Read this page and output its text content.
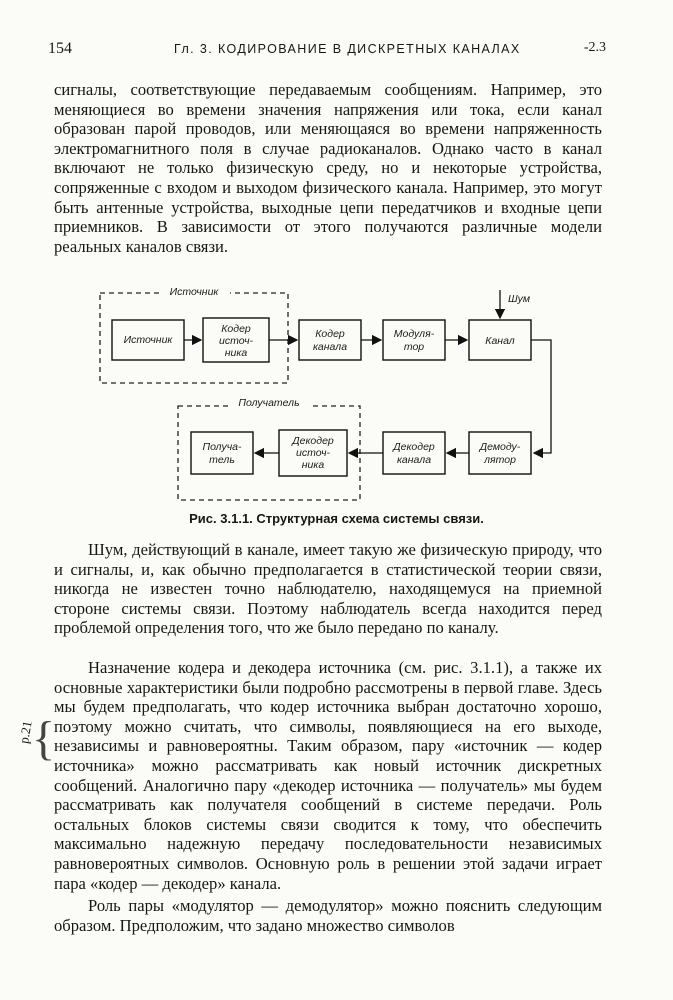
154	Гл. 3. КОДИРОВАНИЕ В ДИСКРЕТНЫХ КАНАЛАХ	-2.3

сигналы, соответствующие передаваемым сообщениям. Например, это меняющиеся во времени значения напряжения или тока, если канал образован парой проводов, или меняющаяся во времени напряженность электромагнитного поля в случае радиоканалов. Однако часто в канал включают не только физическую среду, но и некоторые устройства, сопряженные с входом и выходом физического канала. Например, это могут быть антенные устройства, выходные цепи передатчиков и входные цепи приемников. В зависимости от этого получаются различные модели реальных каналов связи.

Источник
Получатель
Источник
Кодер
источ-
ника
Кодер
канала
Модуля-
тор	Канал
Шум
Демоду-
лятор
Декодер
канала
Декодер
источ-
ника
Получа-
тель
Рис. 3.1.1. Структурная схема системы связи.

Шум, действующий в канале, имеет такую же физическую природу, что и сигналы, и, как обычно предполагается в статистической теории связи, никогда не известен точно наблюдателю, находящемуся на приемной стороне системы связи. Поэтому наблюдатель всегда находится перед проблемой определения того, что же было передано по каналу.

Назначение кодера и декодера источника (см. рис. 3.1.1), а также их основные характеристики были подробно рассмотрены в первой главе. Здесь мы будем предполагать, что кодер источника выбран достаточно хорошо, поэтому можно считать, что символы, появляющиеся на его выходе, независимы и равновероятны. Таким образом, пару «источник — кодер источника» можно рассматривать как новый источник дискретных сообщений. Аналогично пару «декодер источника — получатель» мы будем рассматривать как получателя сообщений в системе передачи. Роль остальных блоков системы связи сводится к тому, что обеспечить максимально надежную передачу последовательности независимых равновероятных символов. Основную роль в решении этой задачи играет пара «кодер — декодер» канала.

Роль пары «модулятор — демодулятор» можно пояснить следующим образом. Предположим, что задано множество символов

{
p.21
